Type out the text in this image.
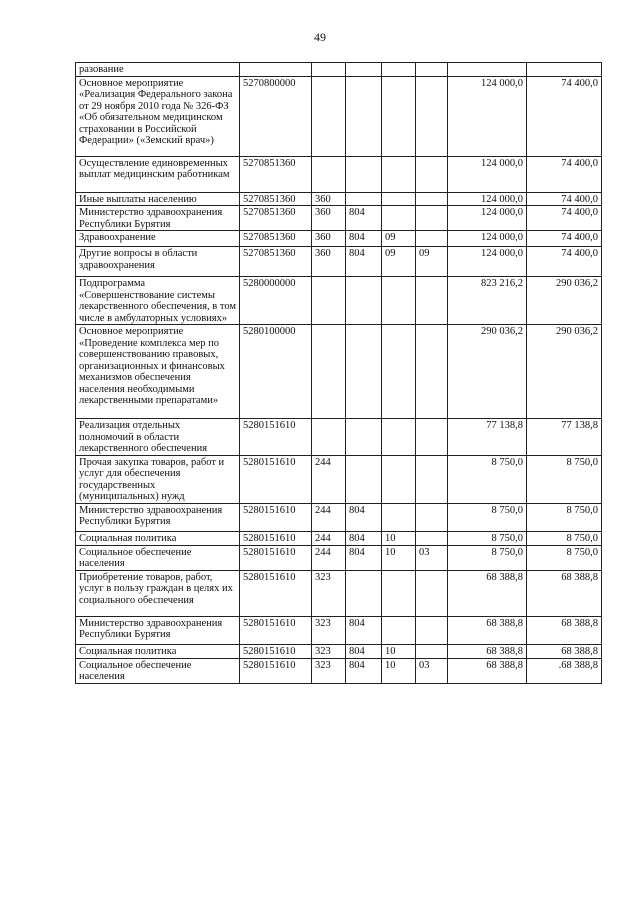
49
разование							
Основное мероприятие «Реализация Федерального закона от 29 ноября 2010 года № 326-ФЗ «Об обязательном медицинском страховании в Российской Федерации» («Земский врач»)	5270800000					124 000,0	74 400,0
Осуществление единовременных выплат медицинским работникам	5270851360					124 000,0	74 400,0
Иные выплаты населению	5270851360	360				124 000,0	74 400,0
Министерство здравоохранения Республики Бурятия	5270851360	360	804			124 000,0	74 400,0
Здравоохранение	5270851360	360	804	09		124 000,0	74 400,0
Другие вопросы в области здравоохранения	5270851360	360	804	09	09	124 000,0	74 400,0
Подпрограмма «Совершенствование системы лекарственного обеспечения, в том числе в амбулаторных условиях»	5280000000					823 216,2	290 036,2
Основное мероприятие «Проведение комплекса мер по совершенствованию правовых, организационных и финансовых механизмов обеспечения населения необходимыми лекарственными препаратами»	5280100000					290 036,2	290 036,2
Реализация отдельных полномочий в области лекарственного обеспечения	5280151610					77 138,8	77 138,8
Прочая закупка товаров, работ и услуг для обеспечения государственных (муниципальных) нужд	5280151610	244				8 750,0	8 750,0
Министерство здравоохранения Республики Бурятия	5280151610	244	804			8 750,0	8 750,0
Социальная политика	5280151610	244	804	10		8 750,0	8 750,0
Социальное обеспечение населения	5280151610	244	804	10	03	8 750,0	8 750,0
Приобретение товаров, работ, услуг в пользу граждан в целях их социального обеспечения	5280151610	323				68 388,8	68 388,8
Министерство здравоохранения Республики Бурятия	5280151610	323	804			68 388,8	68 388,8
Социальная политика	5280151610	323	804	10		68 388,8	68 388,8
Социальное обеспечение населения	5280151610	323	804	10	03	68 388,8	.68 388,8
